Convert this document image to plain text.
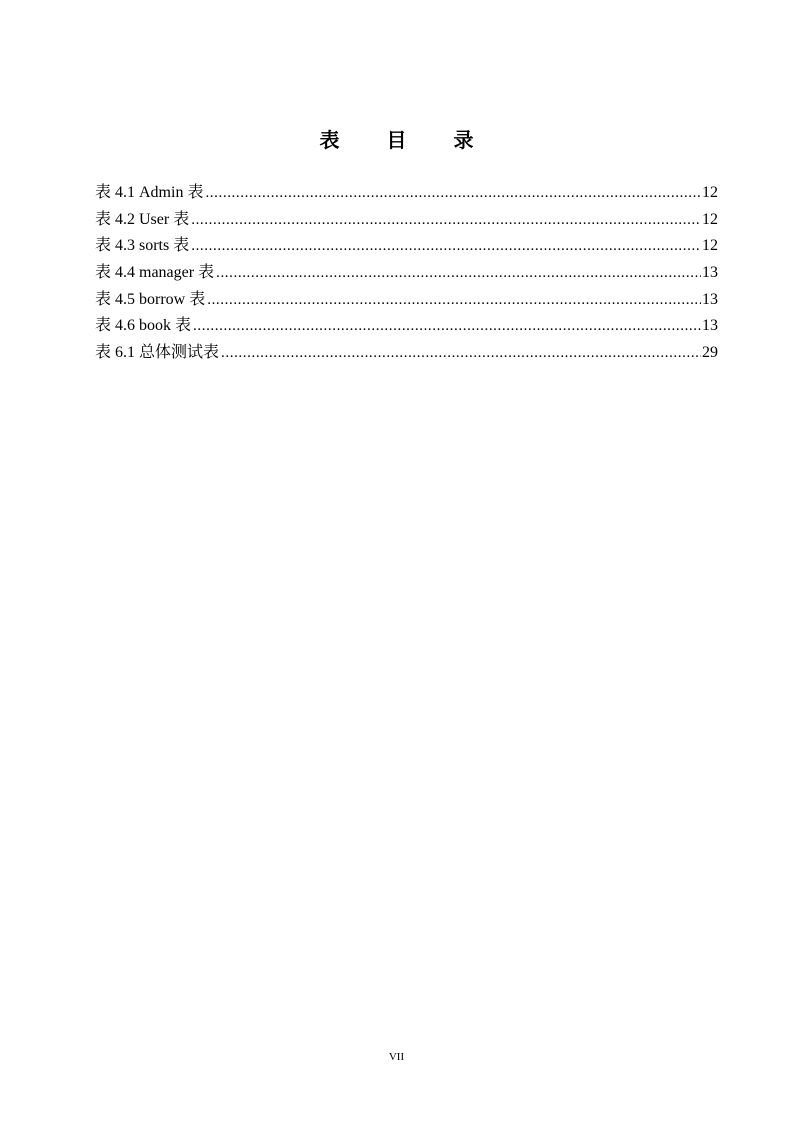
表 目 录
表 4.1 Admin 表 .....	12
表 4.2 User 表 .....	12
表 4.3 sorts 表 .....	12
表 4.4 manager 表 .....	13
表 4.5 borrow 表 .....	13
表 4.6 book 表 .....	13
表 6.1 总体测试表 .....	29
VII
